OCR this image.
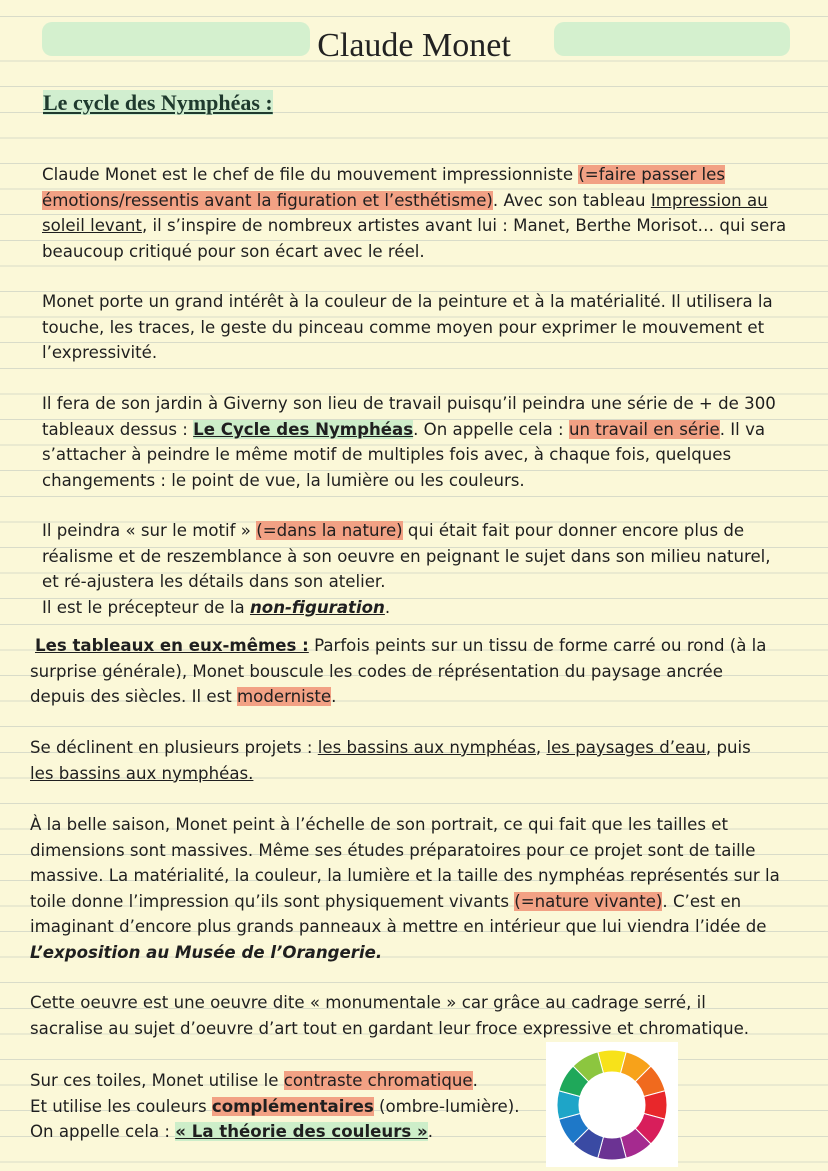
Claude Monet
Le cycle des Nymphéas :
Claude Monet est le chef de file du mouvement impressionniste (=faire passer les
émotions/ressentis avant la figuration et l’esthétisme). Avec son tableau Impression au
soleil levant, il s’inspire de nombreux artistes avant lui : Manet, Berthe Morisot… qui sera
beaucoup critiqué pour son écart avec le réel.
Monet porte un grand intérêt à la couleur de la peinture et à la matérialité. Il utilisera la
touche, les traces, le geste du pinceau comme moyen pour exprimer le mouvement et
l’expressivité.
Il fera de son jardin à Giverny son lieu de travail puisqu’il peindra une série de + de 300
tableaux dessus : Le Cycle des Nymphéas. On appelle cela : un travail en série. Il va
s’attacher à peindre le même motif de multiples fois avec, à chaque fois, quelques
changements : le point de vue, la lumière ou les couleurs.
Il peindra « sur le motif » (=dans la nature) qui était fait pour donner encore plus de
réalisme et de reszemblance à son oeuvre en peignant le sujet dans son milieu naturel,
et ré-ajustera les détails dans son atelier.
Il est le précepteur de la non-figuration.
Les tableaux en eux-mêmes : Parfois peints sur un tissu de forme carré ou rond (à la
surprise générale), Monet bouscule les codes de réprésentation du paysage ancrée
depuis des siècles. Il est moderniste.
Se déclinent en plusieurs projets : les bassins aux nymphéas, les paysages d’eau, puis
les bassins aux nymphéas.
À la belle saison, Monet peint à l’échelle de son portrait, ce qui fait que les tailles et
dimensions sont massives. Même ses études préparatoires pour ce projet sont de taille
massive. La matérialité, la couleur, la lumière et la taille des nymphéas représentés sur la
toile donne l’impression qu’ils sont physiquement vivants (=nature vivante). C’est en
imaginant d’encore plus grands panneaux à mettre en intérieur que lui viendra l’idée de
L’exposition au Musée de l’Orangerie.
Cette oeuvre est une oeuvre dite « monumentale » car grâce au cadrage serré, il
sacralise au sujet d’oeuvre d’art tout en gardant leur froce expressive et chromatique.
Sur ces toiles, Monet utilise le contraste chromatique.
Et utilise les couleurs complémentaires (ombre-lumière).
On appelle cela : « La théorie des couleurs ».
